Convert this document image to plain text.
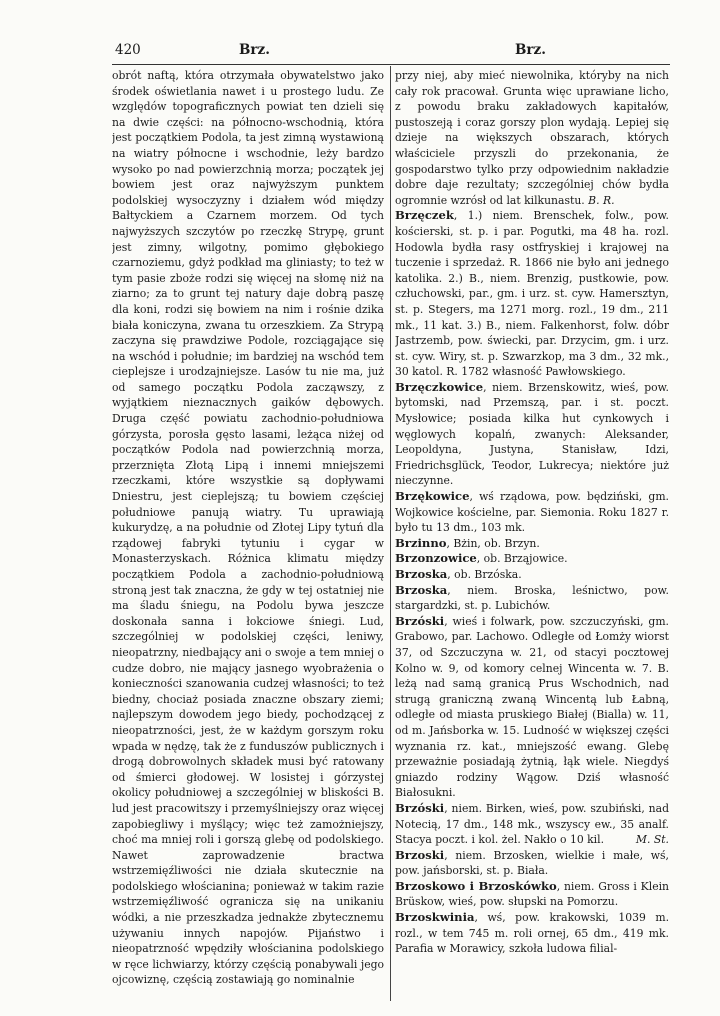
420	Brz.	Brz.

obrót naftą, która otrzymała obywatelstwo jako środek oświetlania nawet i u prostego ludu. Ze względów topograficznych powiat ten dzieli się na dwie części: na północno-wschodnią, która jest początkiem Podola, ta jest zimną wystawioną na wiatry północne i wschodnie, leży bardzo wysoko po nad powierzchnią morza; początek jej bowiem jest oraz najwyższym punktem podolskiej wysoczyzny i działem wód między Bałtyckiem a Czarnem morzem. Od tych najwyższych szczytów po rzeczkę Strypę, grunt jest zimny, wilgotny, pomimo głębokiego czarnoziemu, gdyż podkład ma gliniasty; to też w tym pasie zboże rodzi się więcej na słomę niż na ziarno; za to grunt tej natury daje dobrą paszę dla koni, rodzi się bowiem na nim i rośnie dzika biała koniczyna, zwana tu orzeszkiem. Za Strypą zaczyna się prawdziwe Podole, rozciągające się na wschód i południe; im bardziej na wschód tem cieplejsze i urodzajniejsze. Lasów tu nie ma, już od samego początku Podola zacząwszy, z wyjątkiem nieznacznych gaików dębowych. Druga część powiatu zachodnio-południowa górzysta, porosła gęsto lasami, leżąca niżej od początków Podola nad powierzchnią morza, przerznięta Złotą Lipą i innemi mniejszemi rzeczkami, które wszystkie są dopływami Dniestru, jest cieplejszą; tu bowiem częściej południowe panują wiatry. Tu uprawiają kukurydzę, a na południe od Złotej Lipy tytuń dla rządowej fabryki tytuniu i cygar w Monasterzyskach. Różnica klimatu między początkiem Podola a zachodnio-południową stroną jest tak znaczna, że gdy w tej ostatniej nie ma śladu śniegu, na Podolu bywa jeszcze doskonała sanna i łokciowe śniegi. Lud, szczególniej w podolskiej części, leniwy, nieopatrzny, niedbający ani o swoje a tem mniej o cudze dobro, nie mający jasnego wyobrażenia o konieczności szanowania cudzej własności; to też biedny, chociaż posiada znaczne obszary ziemi; najlepszym dowodem jego biedy, pochodzącej z nieopatrzności, jest, że w każdym gorszym roku wpada w nędzę, tak że z funduszów publicznych i drogą dobrowolnych składek musi być ratowany od śmierci głodowej. W losistej i górzystej okolicy południowej a szczególniej w bliskości B. lud jest pracowitszy i przemyślniejszy oraz więcej zapobiegliwy i myślący; więc też zamożniejszy, choć ma mniej roli i gorszą glebę od podolskiego. Nawet zaprowadzenie bractwa wstrzemięźliwości nie działa skutecznie na podolskiego włościanina; ponieważ w takim razie wstrzemięźliwość ogranicza się na unikaniu wódki, a nie przeszkadza jednakże zbytecznemu używaniu innych napojów. Pijaństwo i nieopatrzność wpędziły włościanina podolskiego w ręce lichwiarzy, którzy częścią ponabywali jego ojcowiznę, częścią zostawiają go nominalnie

przy niej, aby mieć niewolnika, któryby na nich cały rok pracował. Grunta więc uprawiane licho, z powodu braku zakładowych kapitałów, pustoszeją i coraz gorszy plon wydają. Lepiej się dzieje na większych obszarach, których właściciele przyszli do przekonania, że gospodarstwo tylko przy odpowiednim nakładzie dobre daje rezultaty; szczególniej chów bydła ogromnie wzrósł od lat kilkunastu. B. R.

Brzęczek, 1.) niem. Brenschek, folw., pow. kościerski, st. p. i par. Pogutki, ma 48 ha. rozl. Hodowla bydła rasy ostfryskiej i krajowej na tuczenie i sprzedaż. R. 1866 nie było ani jednego katolika. 2.) B., niem. Brenzig, pustkowie, pow. człuchowski, par., gm. i urz. st. cyw. Hamersztyn, st. p. Stegers, ma 1271 morg. rozl., 19 dm., 211 mk., 11 kat. 3.) B., niem. Falkenhorst, folw. dóbr Jastrzemb, pow. świecki, par. Drzycim, gm. i urz. st. cyw. Wiry, st. p. Szwarzkop, ma 3 dm., 32 mk., 30 katol. R. 1782 własność Pawłowskiego.

Brzęczkowice, niem. Brzenskowitz, wieś, pow. bytomski, nad Przemszą, par. i st. poczt. Mysłowice; posiada kilka hut cynkowych i węglowych kopalń, zwanych: Aleksander, Leopoldyna, Justyna, Stanisław, Idzi, Friedrichsglück, Teodor, Lukrecya; niektóre już nieczynne.

Brzękowice, wś rządowa, pow. będziński, gm. Wojkowice kościelne, par. Siemonia. Roku 1827 r. było tu 13 dm., 103 mk.

Brzinno, Bżin, ob. Brzyn.

Brzonzowice, ob. Brząjowice.

Brzoska, ob. Brzóska.

Brzoska, niem. Broska, leśnictwo, pow. stargardzki, st. p. Lubichów.

Brzóski, wieś i folwark, pow. szczuczyński, gm. Grabowo, par. Lachowo. Odległe od Łomży wiorst 37, od Szczuczyna w. 21, od stacyi pocztowej Kolno w. 9, od komory celnej Wincenta w. 7. B. leżą nad samą granicą Prus Wschodnich, nad strugą graniczną zwaną Wincentą lub Łabną, odległe od miasta pruskiego Białej (Bialla) w. 11, od m. Jańsborka w. 15. Ludność w większej części wyznania rz. kat., mniejszość ewang. Glebę przeważnie posiadają żytnią, łąk wiele. Niegdyś gniazdo rodziny Wągow. Dziś własność Białosukni.

Brzóski, niem. Birken, wieś, pow. szubiński, nad Notecią, 17 dm., 148 mk., wszyscy ew., 35 analf. Stacya poczt. i kol. żel. Nakło o 10 kil.	M. St.

Brzoski, niem. Brzosken, wielkie i małe, wś, pow. jańsborski, st. p. Biała.

Brzoskowo i Brzoskówko, niem. Gross i Klein Brüskow, wieś, pow. słupski na Pomorzu.

Brzoskwinia, wś, pow. krakowski, 1039 m. rozl., w tem 745 m. roli ornej, 65 dm., 419 mk. Parafia w Morawicy, szkoła ludowa filial-
